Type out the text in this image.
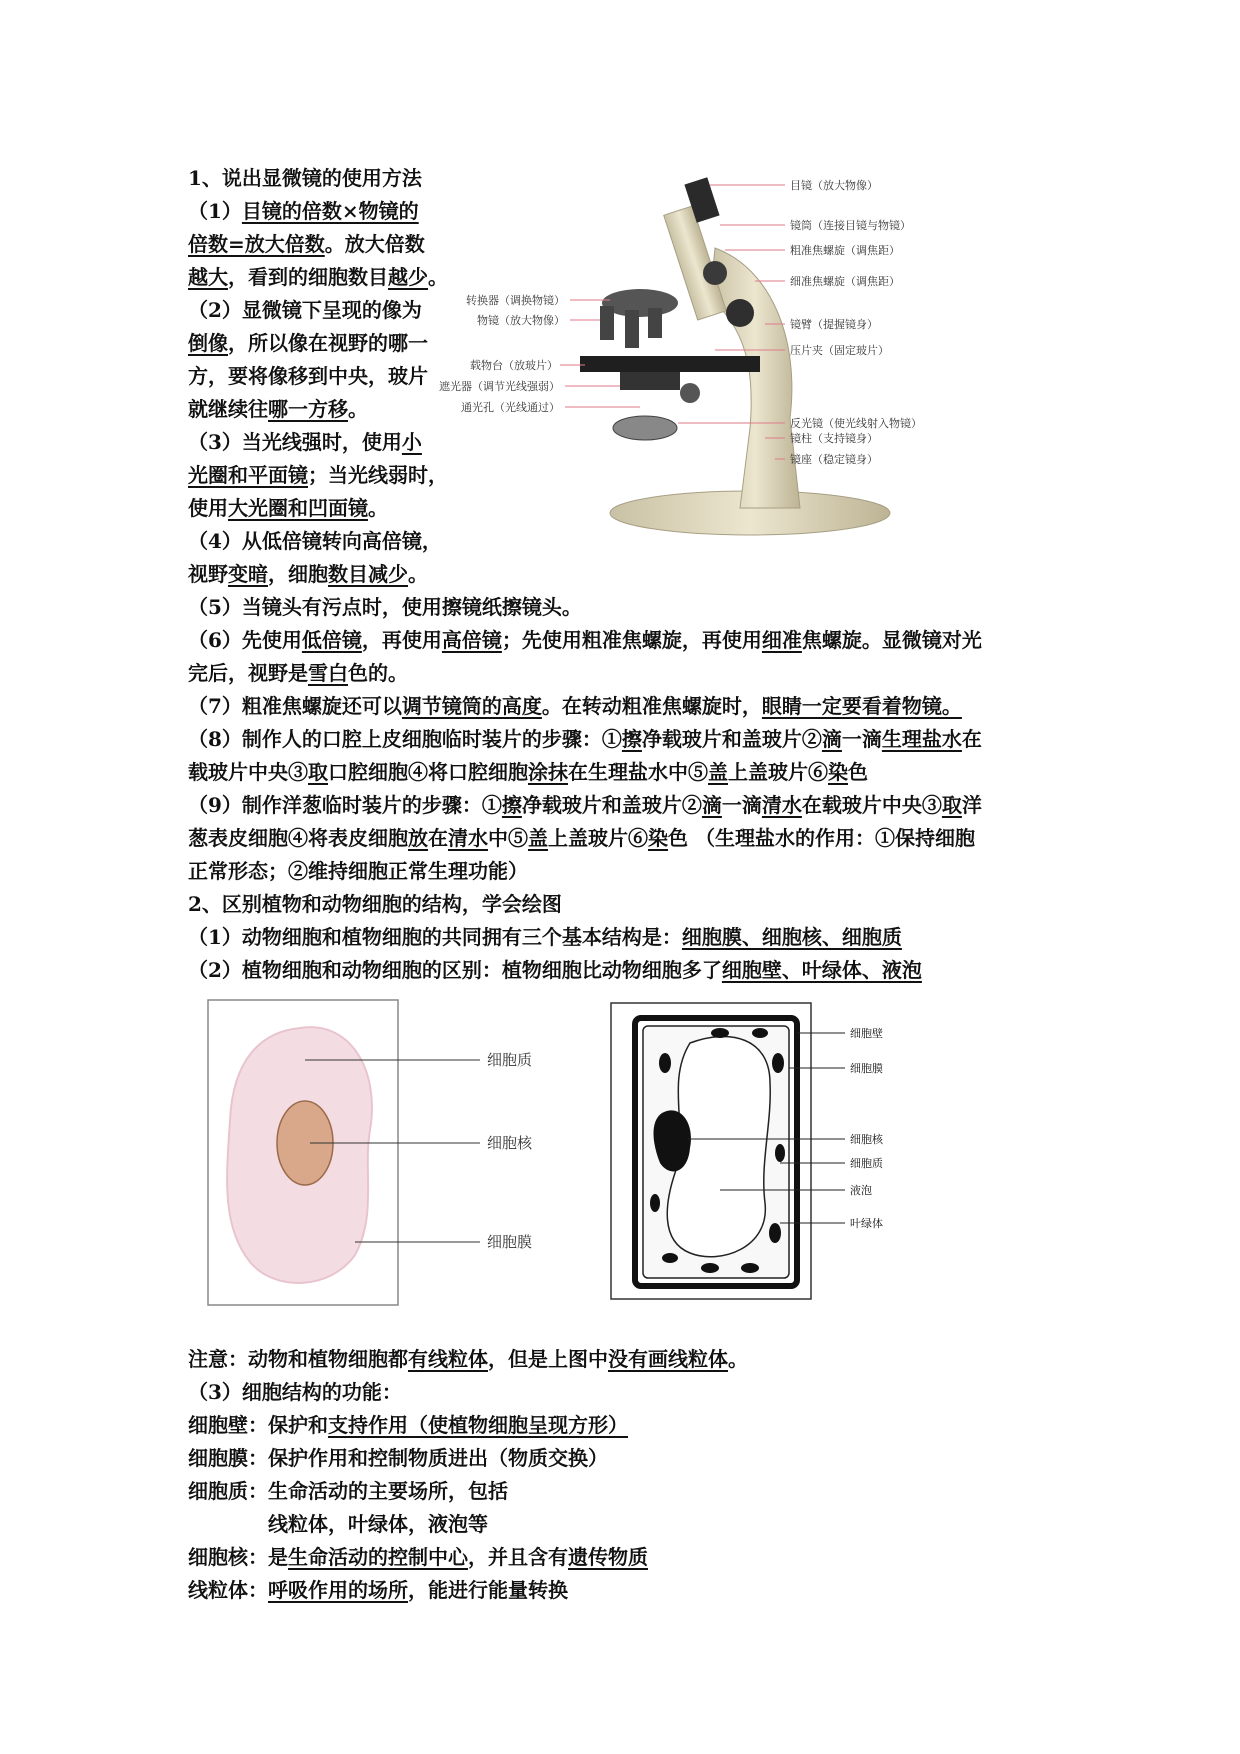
1、说出显微镜的使用方法
（1）目镜的倍数×物镜的
倍数=放大倍数。放大倍数
越大，看到的细胞数目越少。
（2）显微镜下呈现的像为
倒像，所以像在视野的哪一
方，要将像移到中央，玻片
就继续往哪一方移。
（3）当光线强时，使用小
光圈和平面镜；当光线弱时，
使用大光圈和凹面镜。
（4）从低倍镜转向高倍镜，
视野变暗，细胞数目减少。
目镜（放大物像）
镜筒（连接目镜与物镜）
粗准焦螺旋（调焦距）
细准焦螺旋（调焦距）
镜臂（提握镜身）
压片夹（固定玻片）
反光镜（使光线射入物镜）
镜柱（支持镜身）
镜座（稳定镜身）
转换器（调换物镜）
物镜（放大物像）
载物台（放玻片）
遮光器（调节光线强弱）
通光孔（光线通过）
（5）当镜头有污点时，使用擦镜纸擦镜头。
（6）先使用低倍镜，再使用高倍镜；先使用粗准焦螺旋，再使用细准焦螺旋。显微镜对光
完后，视野是雪白色的。
（7）粗准焦螺旋还可以调节镜筒的高度。在转动粗准焦螺旋时，眼睛一定要看着物镜。
（8）制作人的口腔上皮细胞临时装片的步骤：①擦净载玻片和盖玻片②滴一滴生理盐水在
载玻片中央③取口腔细胞④将口腔细胞涂抹在生理盐水中⑤盖上盖玻片⑥染色
（9）制作洋葱临时装片的步骤：①擦净载玻片和盖玻片②滴一滴清水在载玻片中央③取洋
葱表皮细胞④将表皮细胞放在清水中⑤盖上盖玻片⑥染色 （生理盐水的作用：①保持细胞
正常形态；②维持细胞正常生理功能）
2、区别植物和动物细胞的结构，学会绘图
（1）动物细胞和植物细胞的共同拥有三个基本结构是：细胞膜、细胞核、细胞质
（2）植物细胞和动物细胞的区别：植物细胞比动物细胞多了细胞壁、叶绿体、液泡
细胞质
细胞核
细胞膜
细胞壁
细胞膜
细胞核
细胞质
液泡
叶绿体
注意：动物和植物细胞都有线粒体，但是上图中没有画线粒体。
（3）细胞结构的功能：
细胞壁：保护和支持作用（使植物细胞呈现方形）
细胞膜：保护作用和控制物质进出（物质交换）
细胞质：生命活动的主要场所，包括
线粒体，叶绿体，液泡等
细胞核：是生命活动的控制中心，并且含有遗传物质
线粒体：呼吸作用的场所，能进行能量转换
